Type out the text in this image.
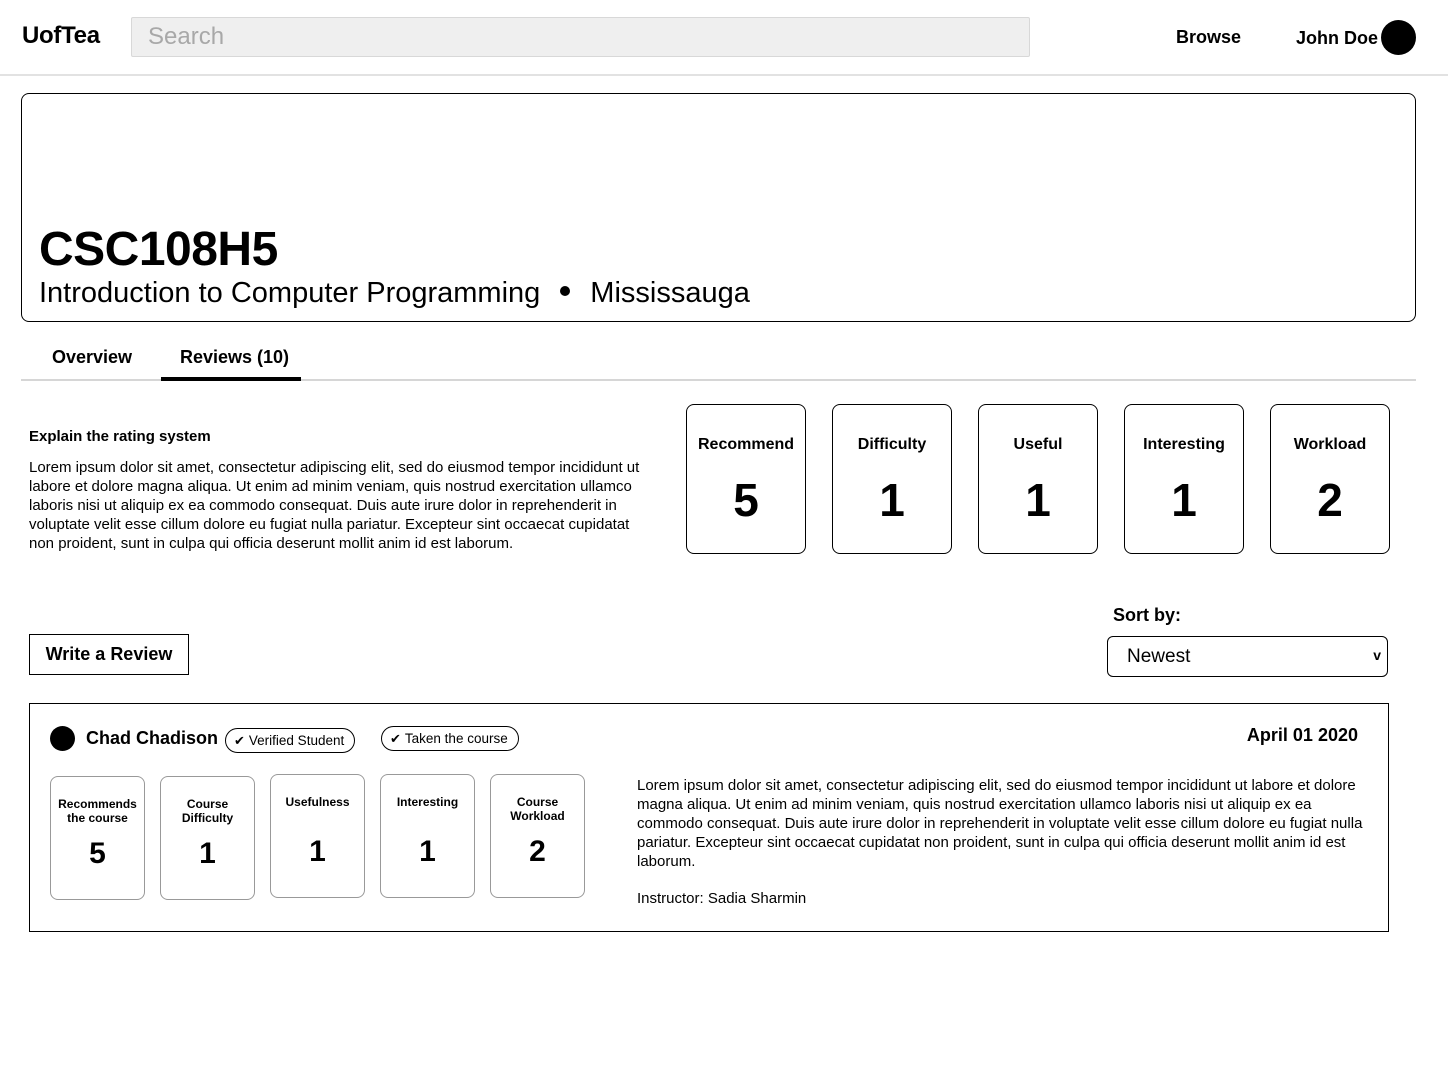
UofTea
Search	Browse	John Doe
CSC108H5
Introduction to Computer Programming Mississauga
Overview	Reviews (10)
Explain the rating system
Lorem ipsum dolor sit amet, consectetur adipiscing elit, sed do eiusmod tempor incididunt ut labore et dolore magna aliqua. Ut enim ad minim veniam, quis nostrud exercitation ullamco laboris nisi ut aliquip ex ea commodo consequat. Duis aute irure dolor in reprehenderit in voluptate velit esse cillum dolore eu fugiat nulla pariatur. Excepteur sint occaecat cupidatat non proident, sunt in culpa qui officia deserunt mollit anim id est laborum.
Recommend
5
Difficulty
1
Useful
1
Interesting
1
Workload
2
Write a Review
Sort by:
Newest	v
Chad Chadison	✔ Verified Student	✔ Taken the course	April 01 2020
Recommends the course
5
Course Difficulty
1
Usefulness
1
Interesting
1
Course Workload
2
Lorem ipsum dolor sit amet, consectetur adipiscing elit, sed do eiusmod tempor incididunt ut labore et dolore magna aliqua. Ut enim ad minim veniam, quis nostrud exercitation ullamco laboris nisi ut aliquip ex ea commodo consequat. Duis aute irure dolor in reprehenderit in voluptate velit esse cillum dolore eu fugiat nulla pariatur. Excepteur sint occaecat cupidatat non proident, sunt in culpa qui officia deserunt mollit anim id est laborum.
Instructor: Sadia Sharmin
